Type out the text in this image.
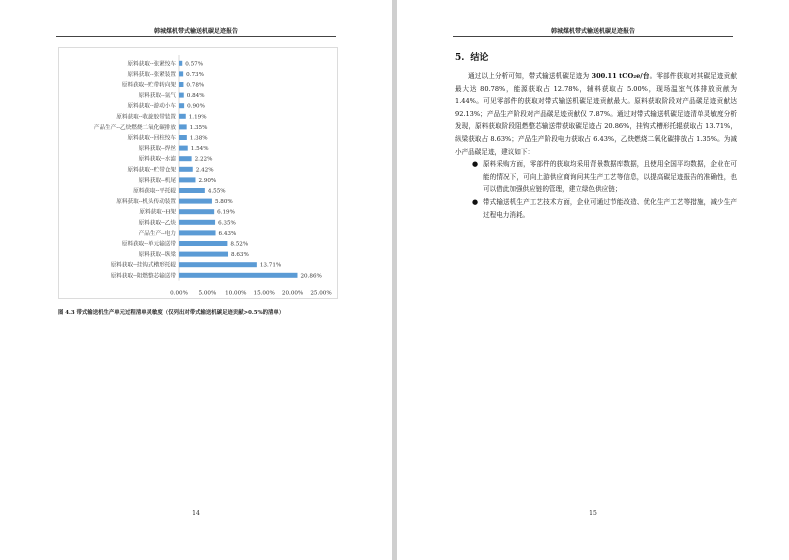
韩城煤机带式输送机碳足迹报告
原料获取--张紧绞车 0.57%
原料获取--张紧装置 0.73%
原料获取--贮带转向架 0.78%
原料获取--氩气 0.84%
原料获取--游动小车 0.90%
原料获取--收旋胶带装置 1.19%
产品生产--乙炔燃烧二氧化碳排放 1.35%
原料获取--回柱绞车 1.38%
原料获取--焊丝	1.54%
原料获取--水滤	2.22%
原料获取--贮带仓架	2.42%
原料获取--机尾	2.90%
原料获取--平托辊	4.55%
原料获取--机头传动装置	5.80%
原料获取--H架	6.19%
原料获取--乙炔	6.35%
产品生产--电力	6.43%
原料获取--单元输送带	8.52%
原料获取--纵梁	8.63%
原料获取--挂钩式槽形托辊	13.71%
原料获取--阻燃整芯输送带	20.86%
0.00% 5.00% 10.00% 15.00% 20.00% 25.00%
图 4.3 带式输送机生产单元过程清单灵敏度（仅列出对带式输送机碳足迹贡献>0.5%的清单）
14
韩城煤机带式输送机碳足迹报告
5. 结论

通过以上分析可知，带式输送机碳足迹为 300.11 tCO₂e/台。零部件获取对其碳足迹贡献最大达 80.78%，能源获取占 12.78%，辅料获取占 5.00%，现场温室气体排放贡献为 1.44%。可见零部件的获取对带式输送机碳足迹贡献最大。原料获取阶段对产品碳足迹贡献达 92.13%；产品生产阶段对产品碳足迹贡献仅 7.87%。通过对带式输送机碳足迹清单灵敏度分析发现，原料获取阶段阻燃整芯输送带获取碳足迹占 20.86%，挂钩式槽形托辊获取占 13.71%，纵梁获取占 8.63%；产品生产阶段电力获取占 6.43%，乙炔燃烧二氧化碳排放占 1.35%。为减小产品碳足迹，建议如下：

● 原料采购方面，零部件的获取均采用背景数据库数据，且使用全国平均数据，企业在可能的情况下，可向上游供应商询问其生产工艺等信息，以提高碳足迹报告的准确性，也可以借此加强供应链的管理，建立绿色供应链；
● 带式输送机生产工艺技术方面，企业可通过节能改造、优化生产工艺等措施，减少生产过程电力消耗。
15
